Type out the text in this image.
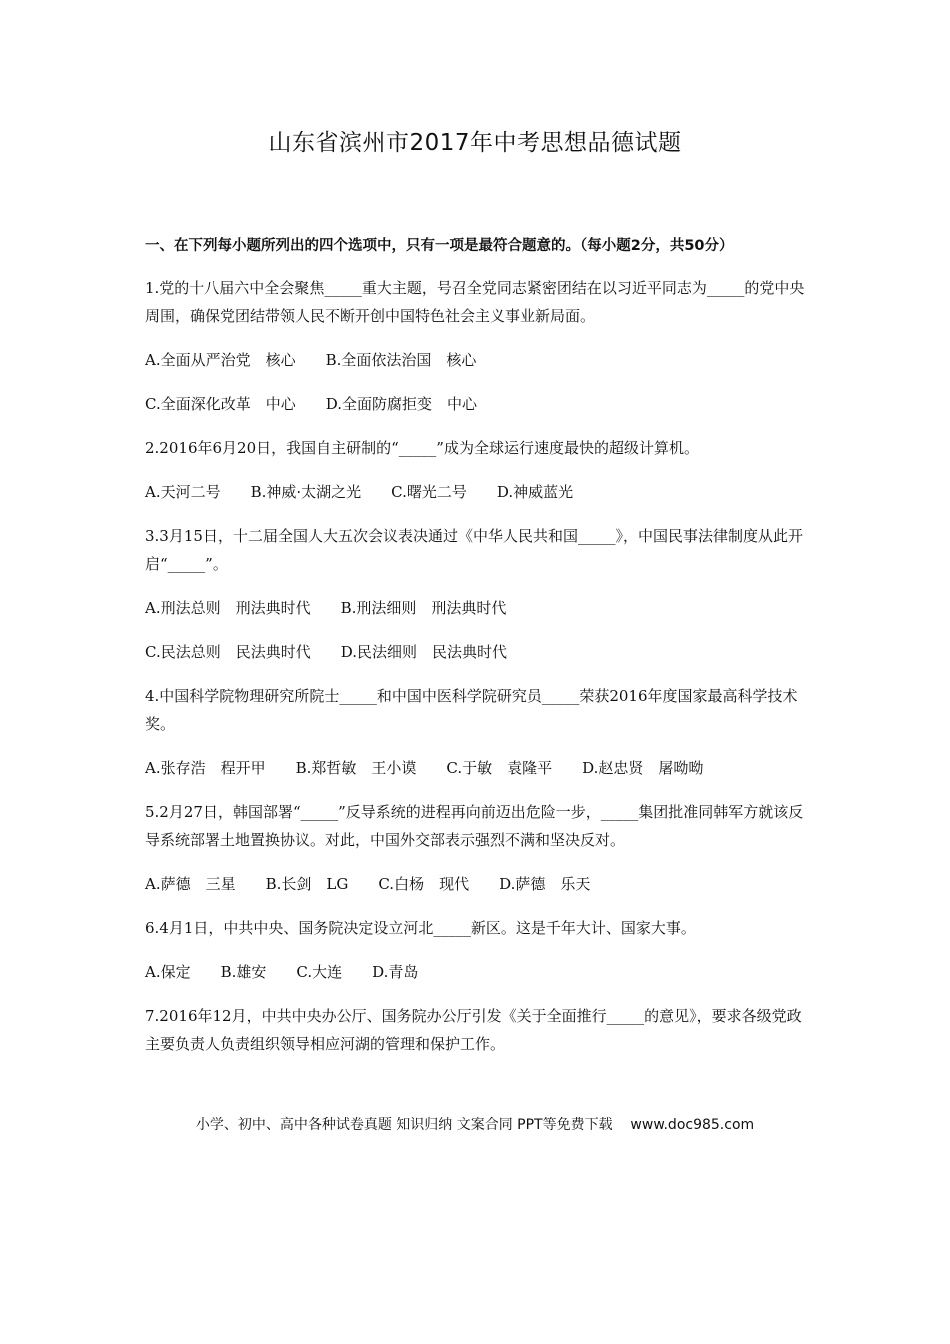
山东省滨州市2017年中考思想品德试题
一、在下列每小题所列出的四个选项中，只有一项是最符合题意的。（每小题2分，共50分）
1.党的十八届六中全会聚焦_____重大主题，号召全党同志紧密团结在以习近平同志为_____的党中央周围，确保党团结带领人民不断开创中国特色社会主义事业新局面。
A.全面从严治党　核心 B.全面依法治国　核心
C.全面深化改革　中心 D.全面防腐拒变　中心
2.2016年6月20日，我国自主研制的“_____”成为全球运行速度最快的超级计算机。
A.天河二号 B.神威·太湖之光 C.曙光二号 D.神威蓝光
3.3月15日，十二届全国人大五次会议表决通过《中华人民共和国_____》，中国民事法律制度从此开启“_____”。
A.刑法总则　刑法典时代 B.刑法细则　刑法典时代
C.民法总则　民法典时代 D.民法细则　民法典时代
4.中国科学院物理研究所院士_____和中国中医科学院研究员_____荣获2016年度国家最高科学技术奖。
A.张存浩　程开甲 B.郑哲敏　王小谟 C.于敏　袁隆平 D.赵忠贤　屠呦呦
5.2月27日，韩国部署“_____”反导系统的进程再向前迈出危险一步，_____集团批准同韩军方就该反导系统部署土地置换协议。对此，中国外交部表示强烈不满和坚决反对。
A.萨德　三星 B.长剑　LG C.白杨　现代 D.萨德　乐天
6.4月1日，中共中央、国务院决定设立河北_____新区。这是千年大计、国家大事。
A.保定 B.雄安 C.大连 D.青岛
7.2016年12月，中共中央办公厅、国务院办公厅引发《关于全面推行_____的意见》，要求各级党政主要负责人负责组织领导相应河湖的管理和保护工作。
小学、初中、高中各种试卷真题 知识归纳 文案合同 PPT等免费下载    www.doc985.com
